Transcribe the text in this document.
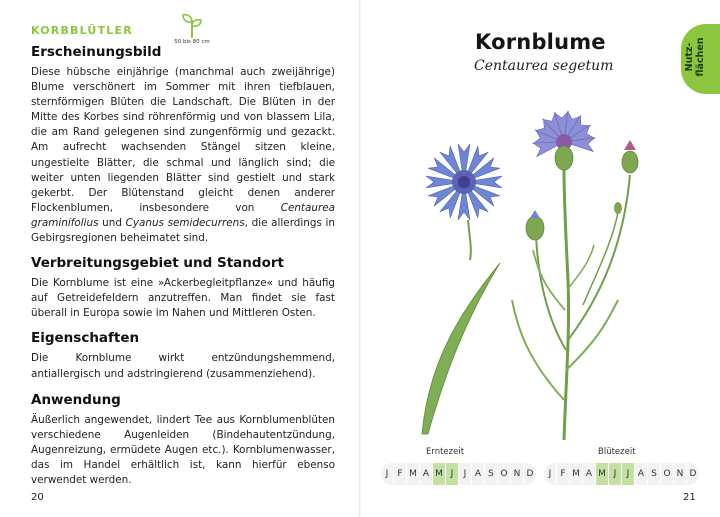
KORBBLÜTLER
50 bis 80 cm
Erscheinungsbild

Diese hübsche einjährige (manchmal auch zweijährige) Blume verschönert im Sommer mit ihren tiefblauen, sternförmigen Blüten die Landschaft. Die Blüten in der Mitte des Korbes sind röhrenförmig und von blassem Lila, die am Rand gelegenen sind zungenförmig und gezackt. Am aufrecht wachsenden Stängel sitzen kleine, ungestielte Blätter, die schmal und länglich sind; die weiter unten liegenden Blätter sind gestielt und stark gekerbt. Der Blütenstand gleicht denen anderer Flockenblumen, insbesondere von Centaurea graminifolius und Cyanus semidecurrens, die allerdings in Gebirgsregionen beheimatet sind.

Verbreitungsgebiet und Standort

Die Kornblume ist eine »Ackerbegleitpflanze« und häufig auf Getreidefeldern anzutreffen. Man findet sie fast überall in Europa sowie im Nahen und Mittleren Osten.

Eigenschaften

Die Kornblume wirkt entzündungshemmend, antiallergisch und adstringierend (zusammenziehend).

Anwendung

Äußerlich angewendet, lindert Tee aus Kornblumenblüten verschiedene Augenleiden (Bindehautentzündung, Augenreizung, ermüdete Augen etc.). Kornblumenwasser, das im Handel erhältlich ist, kann hierfür ebenso verwendet werden.

20
Kornblume
Centaurea segetum	Nutz-
flächen
Erntezeit
J	F M A M J	J A S O N D
Blütezeit
J	F M A M J	J A S O N D
21
